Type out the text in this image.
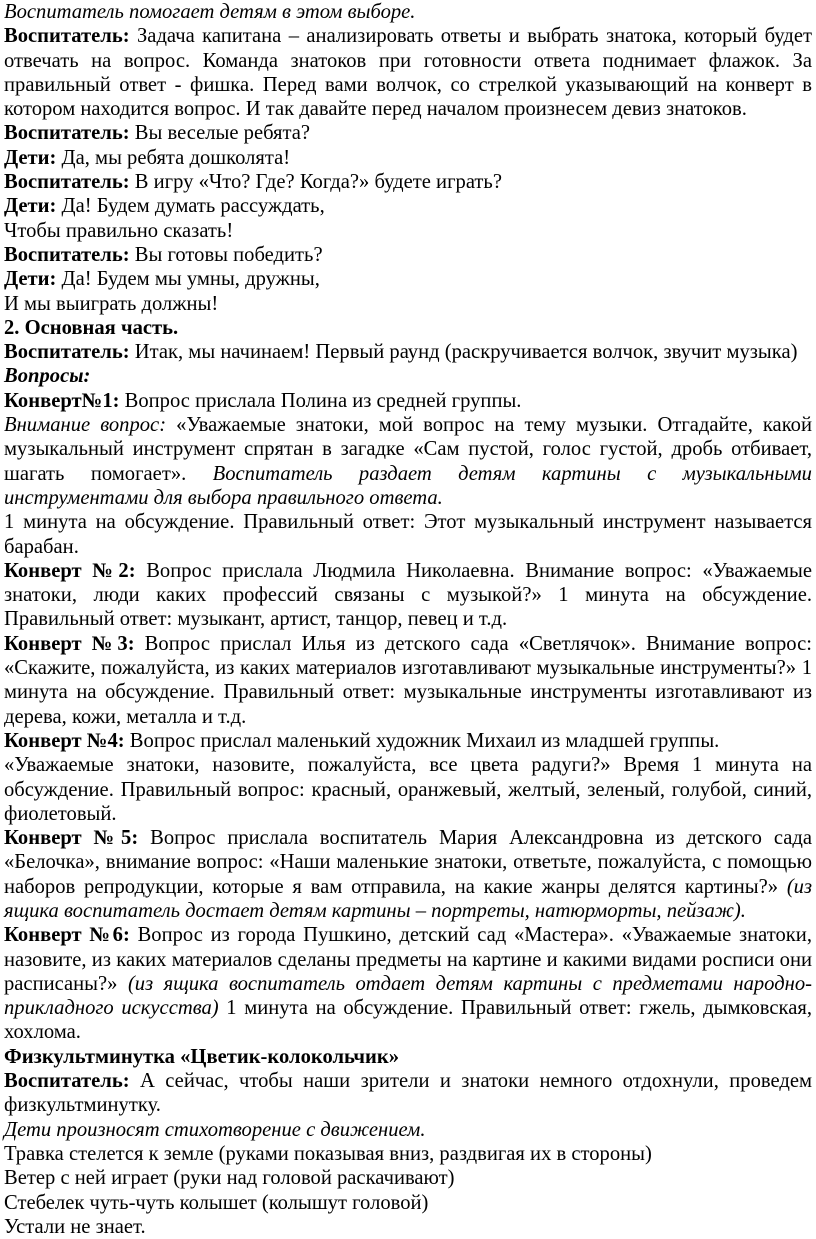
Воспитатель помогает детям в этом выборе.

Воспитатель: Задача капитана – анализировать ответы и выбрать знатока, который будет отвечать на вопрос. Команда знатоков при готовности ответа поднимает флажок. За правильный ответ - фишка. Перед вами волчок, со стрелкой указывающий на конверт в котором находится вопрос. И так давайте перед началом произнесем девиз знатоков.

Воспитатель: Вы веселые ребята?

Дети: Да, мы ребята дошколята!

Воспитатель: В игру «Что? Где? Когда?» будете играть?

Дети: Да! Будем думать рассуждать,

Чтобы правильно сказать!

Воспитатель: Вы готовы победить?

Дети: Да! Будем мы умны, дружны,

И мы выиграть должны!

2. Основная часть.

Воспитатель: Итак, мы начинаем! Первый раунд (раскручивается волчок, звучит музыка)

Вопросы:

Конверт№1: Вопрос прислала Полина из средней группы.

Внимание вопрос: «Уважаемые знатоки, мой вопрос на тему музыки. Отгадайте, какой музыкальный инструмент спрятан в загадке «Сам пустой, голос густой, дробь отбивает, шагать помогает». Воспитатель раздает детям картины с музыкальными инструментами для выбора правильного ответа.

1 минута на обсуждение. Правильный ответ: Этот музыкальный инструмент называется барабан.

Конверт №2: Вопрос прислала Людмила Николаевна. Внимание вопрос: «Уважаемые знатоки, люди каких профессий связаны с музыкой?» 1 минута на обсуждение. Правильный ответ: музыкант, артист, танцор, певец и т.д.

Конверт №3: Вопрос прислал Илья из детского сада «Светлячок». Внимание вопрос: «Скажите, пожалуйста, из каких материалов изготавливают музыкальные инструменты?» 1 минута на обсуждение. Правильный ответ: музыкальные инструменты изготавливают из дерева, кожи, металла и т.д.

Конверт №4: Вопрос прислал маленький художник Михаил из младшей группы.

«Уважаемые знатоки, назовите, пожалуйста, все цвета радуги?» Время 1 минута на обсуждение. Правильный вопрос: красный, оранжевый, желтый, зеленый, голубой, синий, фиолетовый.

Конверт №5: Вопрос прислала воспитатель Мария Александровна из детского сада «Белочка», внимание вопрос: «Наши маленькие знатоки, ответьте, пожалуйста, с помощью наборов репродукции, которые я вам отправила, на какие жанры делятся картины?» (из ящика воспитатель достает детям картины – портреты, натюрморты, пейзаж).

Конверт №6: Вопрос из города Пушкино, детский сад «Мастера». «Уважаемые знатоки, назовите, из каких материалов сделаны предметы на картине и какими видами росписи они расписаны?» (из ящика воспитатель отдает детям картины с предметами народно-прикладного искусства) 1 минута на обсуждение. Правильный ответ: гжель, дымковская, хохлома.

Физкультминутка «Цветик-колокольчик»

Воспитатель: А сейчас, чтобы наши зрители и знатоки немного отдохнули, проведем физкультминутку.

Дети произносят стихотворение с движением.

Травка стелется к земле (руками показывая вниз, раздвигая их в стороны)

Ветер с ней играет (руки над головой раскачивают)

Стебелек чуть-чуть колышет (колышут головой)

Устали не знает.
